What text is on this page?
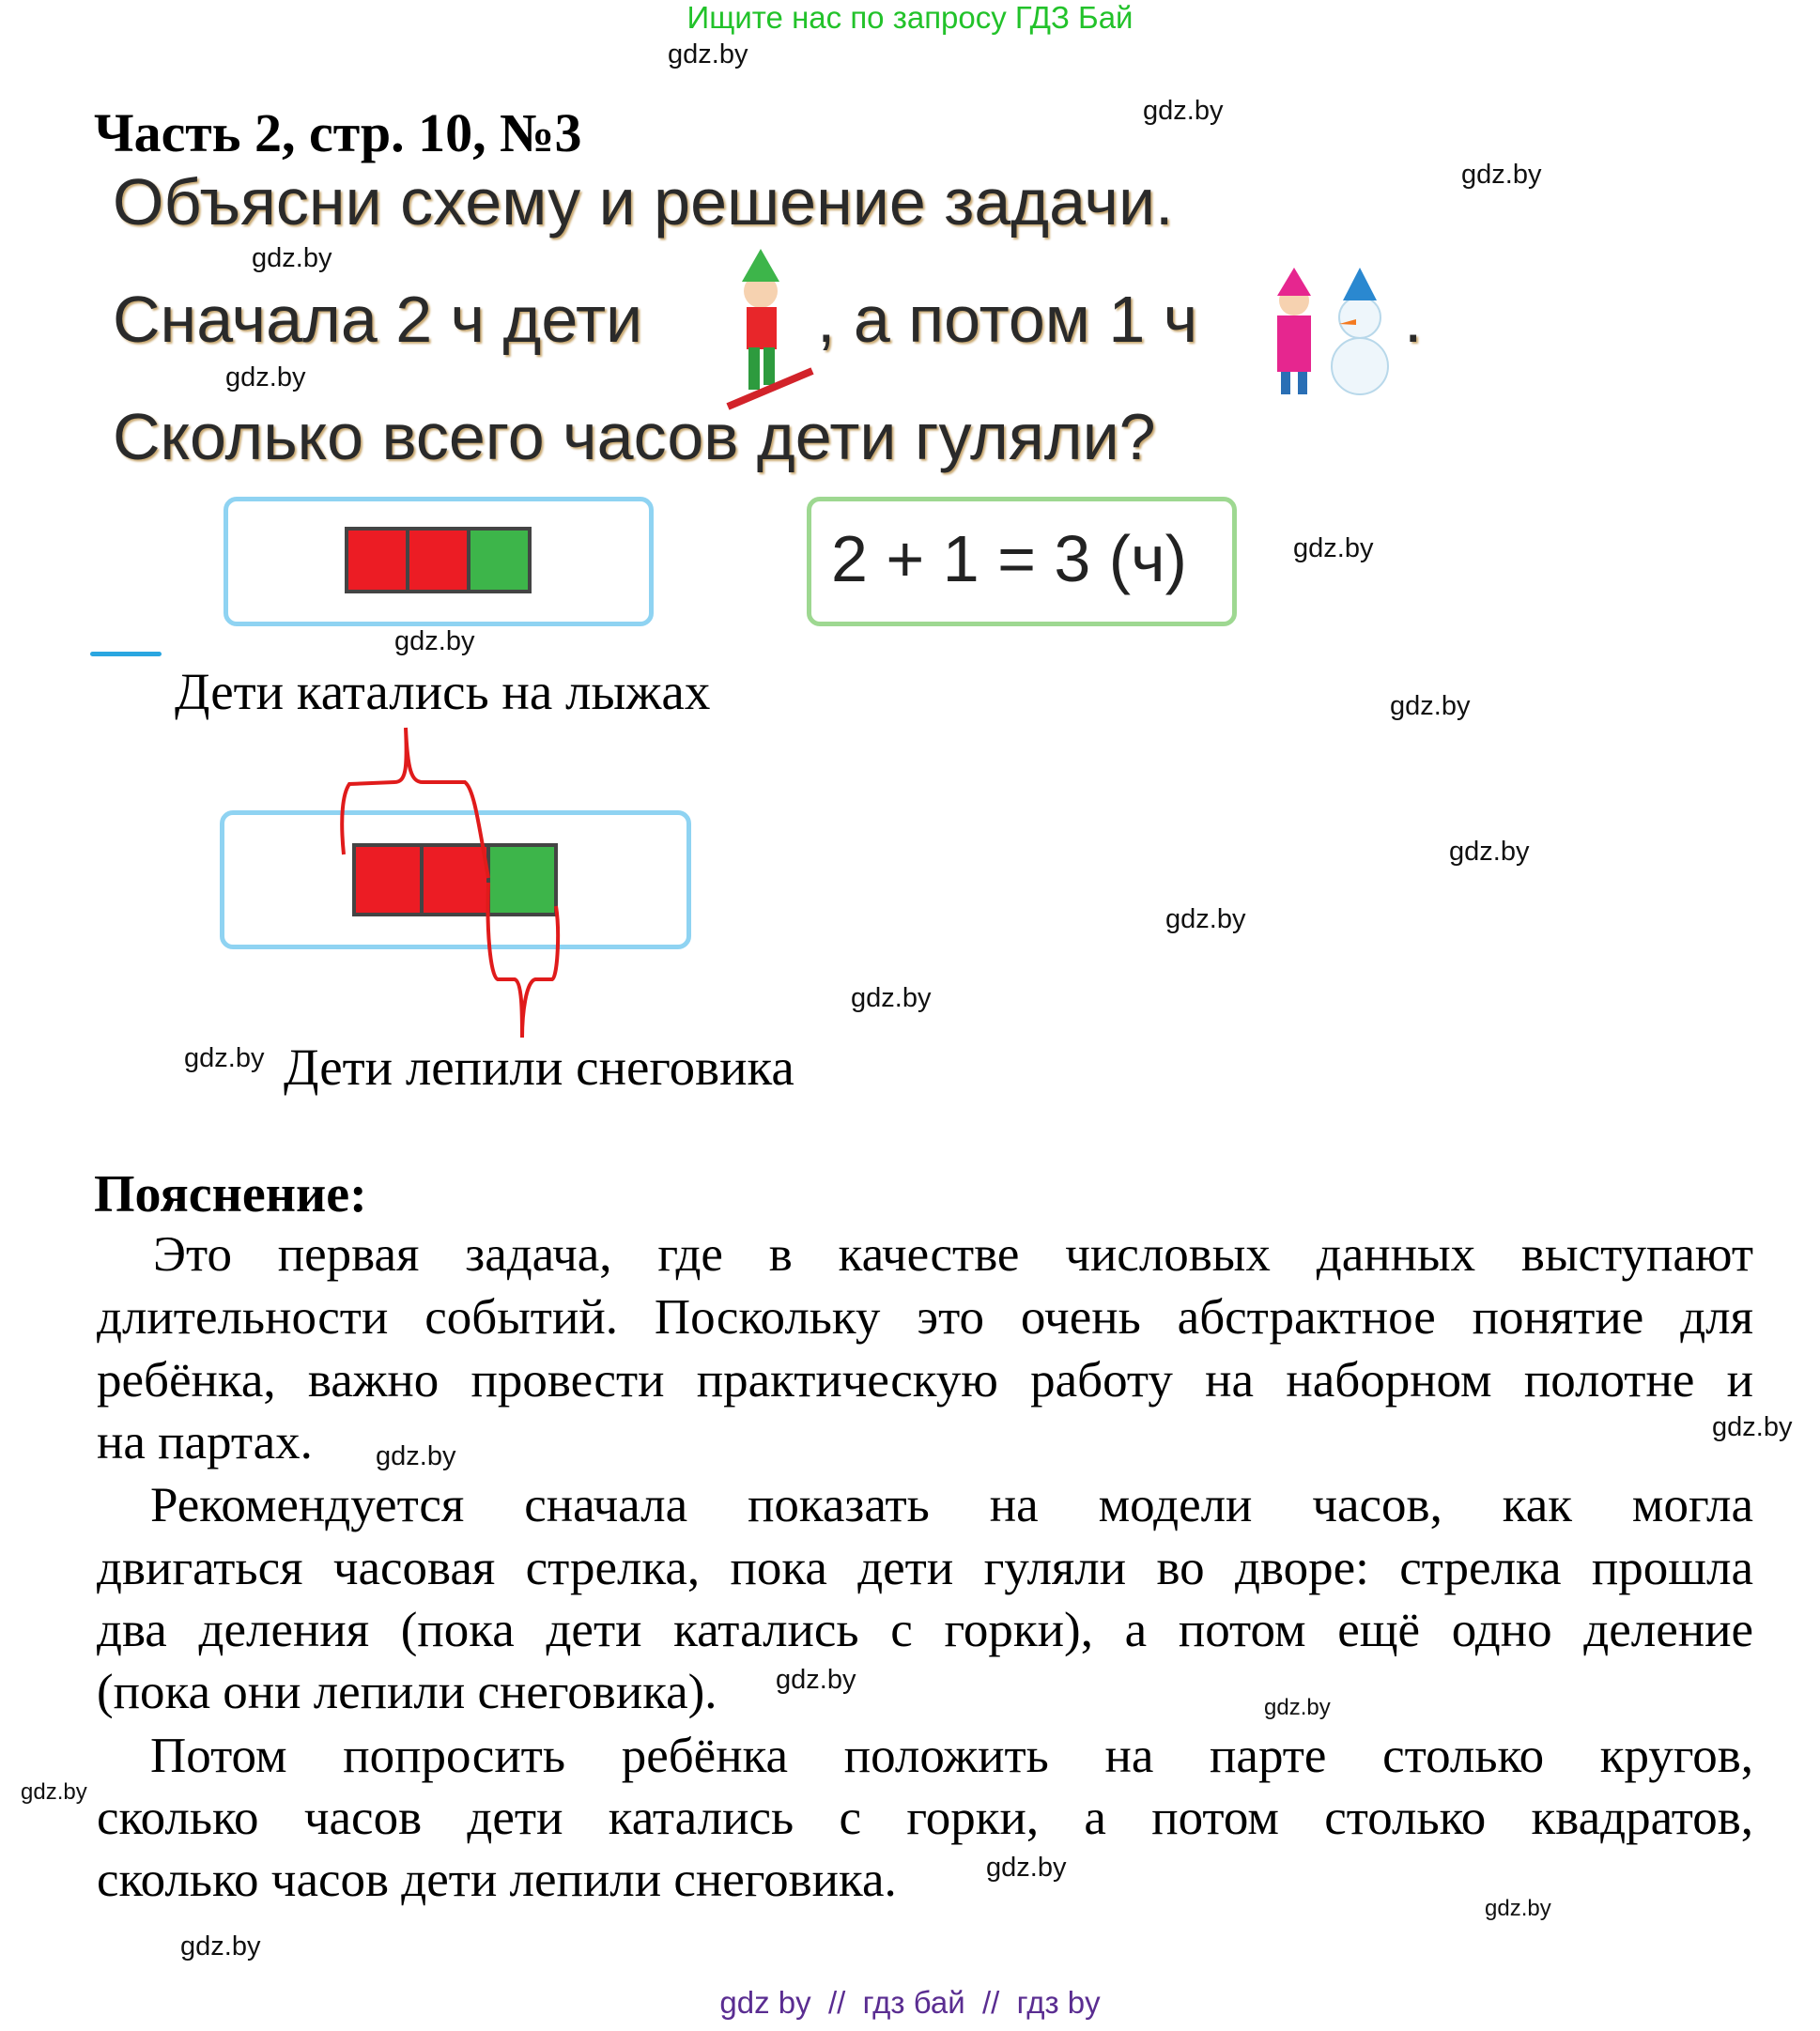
Ищите нас по запросу ГДЗ Бай
Часть 2, стр. 10, №3
Объясни схему и решение задачи.
Сначала 2 ч дети	, а потом 1 ч	.
Сколько всего часов дети гуляли?
2 + 1 = 3 (ч)
Дети катались на лыжах
Дети лепили снеговика
Пояснение:
Это первая задача, где в качестве числовых данных выступают
длительности событий. Поскольку это очень абстрактное понятие для
ребёнка, важно провести практическую работу на наборном полотне и
на партах.
Рекомендуется сначала показать на модели часов, как могла
двигаться часовая стрелка, пока дети гуляли во дворе: стрелка прошла
два деления (пока дети катались с горки), а потом ещё одно деление
(пока они лепили снеговика).
Потом попросить ребёнка положить на парте столько кругов,
сколько часов дети катались с горки, а потом столько квадратов,
сколько часов дети лепили снеговика.
gdz.by
gdz.by
gdz.by
gdz.by
gdz.by
gdz.by
gdz.by
gdz.by
gdz.by
gdz.by
gdz.by
gdz.by
gdz.by
gdz.by
gdz.by
gdz.by
gdz.by
gdz.by
gdz.by
gdz.by
gdz by  //  гдз бай  //  гдз by
